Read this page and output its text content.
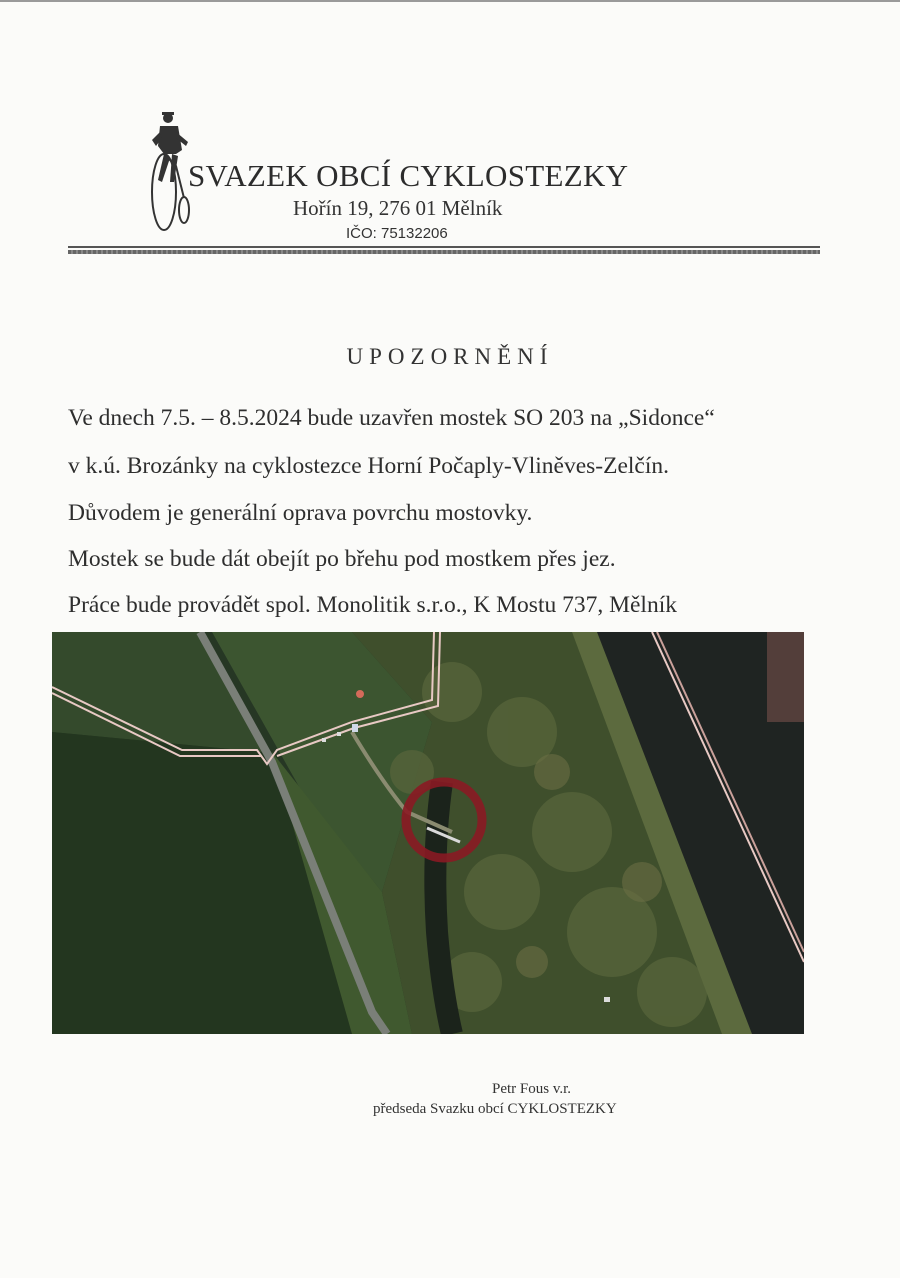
SVAZEK OBCÍ CYKLOSTEZKY
Hořín 19, 276 01 Mělník
IČO: 75132206
UPOZORNĚNÍ
Ve dnech 7.5. – 8.5.2024 bude uzavřen mostek SO 203 na „Sidonce“
v k.ú. Brozánky na cyklostezce Horní Počaply-Vliněves-Zelčín.
Důvodem je generální oprava povrchu mostovky.
Mostek se bude dát obejít po břehu pod mostkem přes jez.
Práce bude provádět spol. Monolitik s.r.o., K Mostu 737, Mělník
Petr Fous v.r.
předseda Svazku obcí CYKLOSTEZKY
